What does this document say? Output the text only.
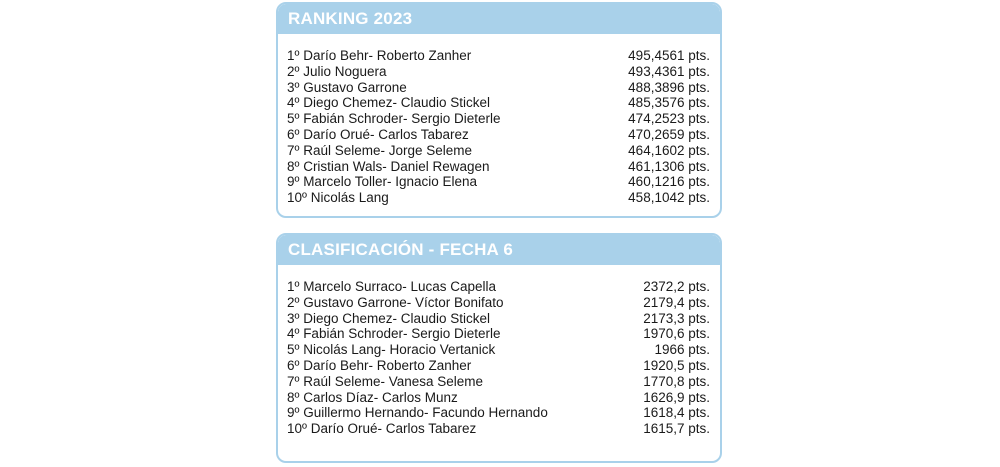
RANKING 2023
1º Darío Behr- Roberto Zanher	495,4561 pts.
2º Julio Noguera	493,4361 pts.
3º Gustavo Garrone	488,3896 pts.
4º Diego Chemez- Claudio Stickel	485,3576 pts.
5º Fabián Schroder- Sergio Dieterle	474,2523 pts.
6º Darío Orué- Carlos Tabarez	470,2659 pts.
7º Raúl Seleme- Jorge Seleme	464,1602 pts.
8º Cristian Wals- Daniel Rewagen	461,1306 pts.
9º Marcelo Toller- Ignacio Elena	460,1216 pts.
10º Nicolás Lang	458,1042 pts.
CLASIFICACIÓN - FECHA 6
1º Marcelo Surraco- Lucas Capella	2372,2 pts.
2º Gustavo Garrone- Víctor Bonifato	2179,4 pts.
3º Diego Chemez- Claudio Stickel	2173,3 pts.
4º Fabián Schroder- Sergio Dieterle	1970,6 pts.
5º Nicolás Lang- Horacio Vertanick	1966 pts.
6º Darío Behr- Roberto Zanher	1920,5 pts.
7º Raúl Seleme- Vanesa Seleme	1770,8 pts.
8º Carlos Díaz- Carlos Munz	1626,9 pts.
9º Guillermo Hernando- Facundo Hernando	1618,4 pts.
10º Darío Orué- Carlos Tabarez	1615,7 pts.
